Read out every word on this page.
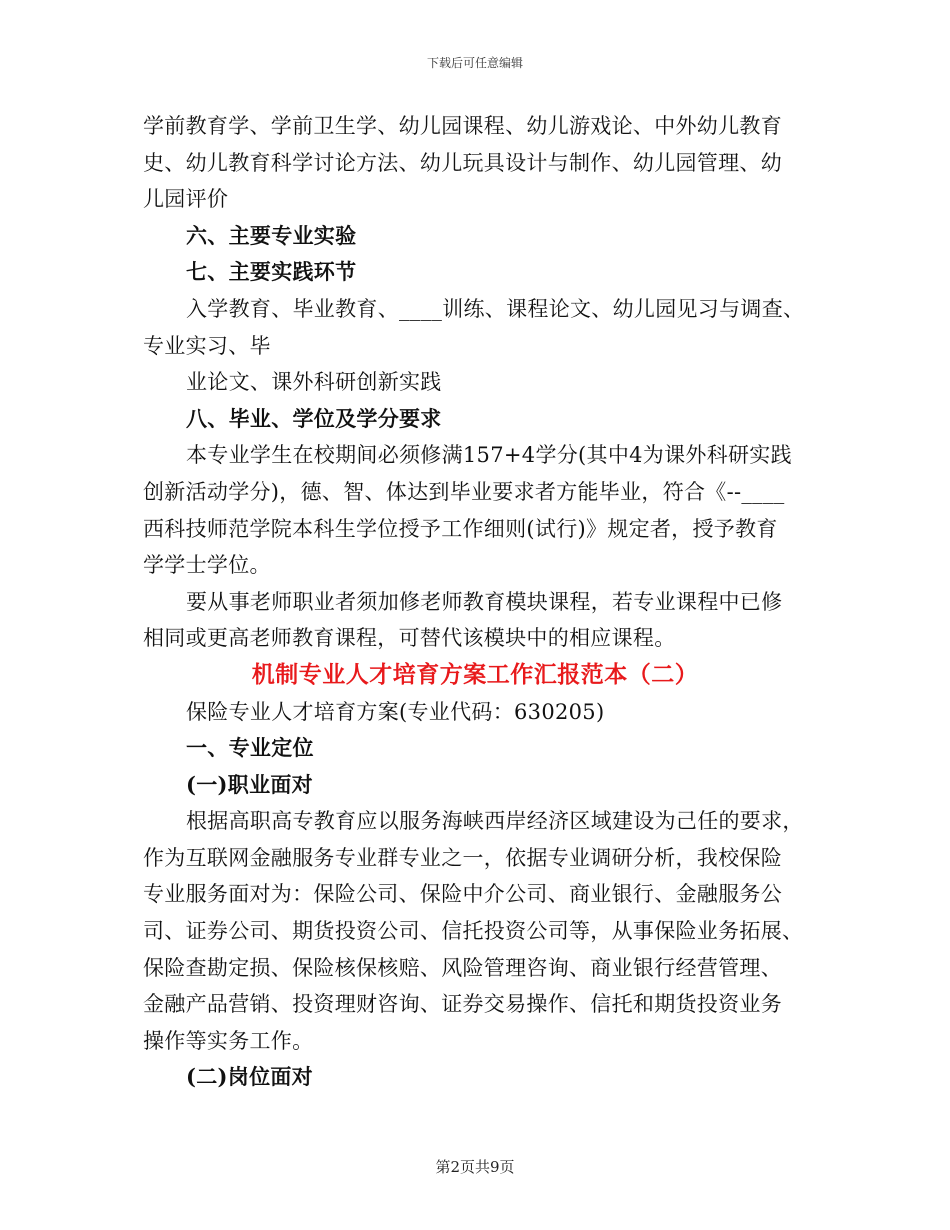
下载后可任意编辑
学前教育学、学前卫生学、幼儿园课程、幼儿游戏论、中外幼儿教育
史、幼儿教育科学讨论方法、幼儿玩具设计与制作、幼儿园管理、幼
儿园评价
六、主要专业实验
七、主要实践环节
入学教育、毕业教育、____训练、课程论文、幼儿园见习与调查、
专业实习、毕
业论文、课外科研创新实践
八、毕业、学位及学分要求
本专业学生在校期间必须修满157+4学分(其中4为课外科研实践
创新活动学分)，德、智、体达到毕业要求者方能毕业，符合《--____
西科技师范学院本科生学位授予工作细则(试行)》规定者，授予教育
学学士学位。
要从事老师职业者须加修老师教育模块课程，若专业课程中已修
相同或更高老师教育课程，可替代该模块中的相应课程。
机制专业人才培育方案工作汇报范本（二）
保险专业人才培育方案(专业代码：630205)
一、专业定位
(一)职业面对
根据高职高专教育应以服务海峡西岸经济区域建设为己任的要求，
作为互联网金融服务专业群专业之一，依据专业调研分析，我校保险
专业服务面对为：保险公司、保险中介公司、商业银行、金融服务公
司、证券公司、期货投资公司、信托投资公司等，从事保险业务拓展、
保险查勘定损、保险核保核赔、风险管理咨询、商业银行经营管理、
金融产品营销、投资理财咨询、证券交易操作、信托和期货投资业务
操作等实务工作。
(二)岗位面对
第2页共9页
